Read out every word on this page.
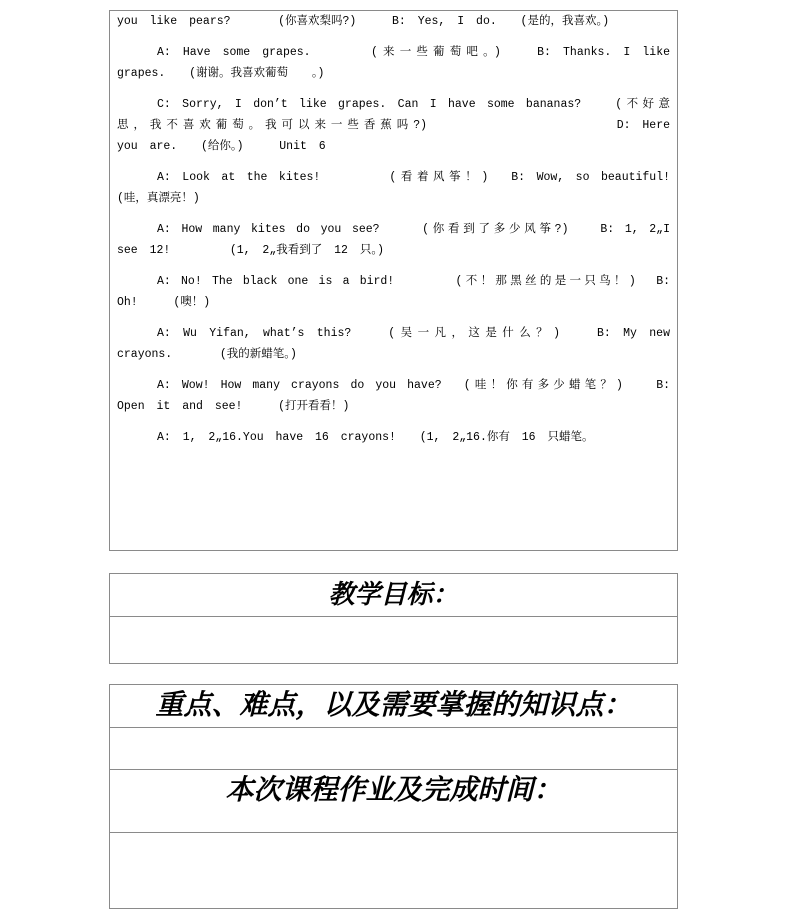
you like pears?    (你喜欢梨吗?)   B: Yes, I do.  (是的，我喜欢。)
A: Have some grapes.     (来一些葡萄吧。)   B: Thanks. I like
grapes.  (谢谢。我喜欢葡萄  。)
C: Sorry, I don’t like grapes. Can I have some bananas?   (不好意
思，我不喜欢葡萄。我可以来一些香蕉吗?)                D: Here
you are.  (给你。)   Unit 6
A: Look at the kites!      (看着风筝！)  B: Wow, so beautiful!
(哇，真漂亮！)
A: How many kites do you see?    (你看到了多少风筝?)   B: 1, 2„I
see 12!     (1, 2„我看到了 12 只。)
A: No! The black one is a bird!      (不！那黑丝的是一只鸟！)  B:
Oh!   (噢！)
A: Wu Yifan, what’s this?   (吴一凡，这是什么？)   B: My new
crayons.    (我的新蜡笔。)
A: Wow! How many crayons do you have?  (哇！你有多少蜡笔？)   B:
Open it and see!   (打开看看！)
A: 1, 2„16.You have 16 crayons!  (1, 2„16.你有 16 只蜡笔。
教学目标：
重点、难点，以及需要掌握的知识点：
本次课程作业及完成时间：
